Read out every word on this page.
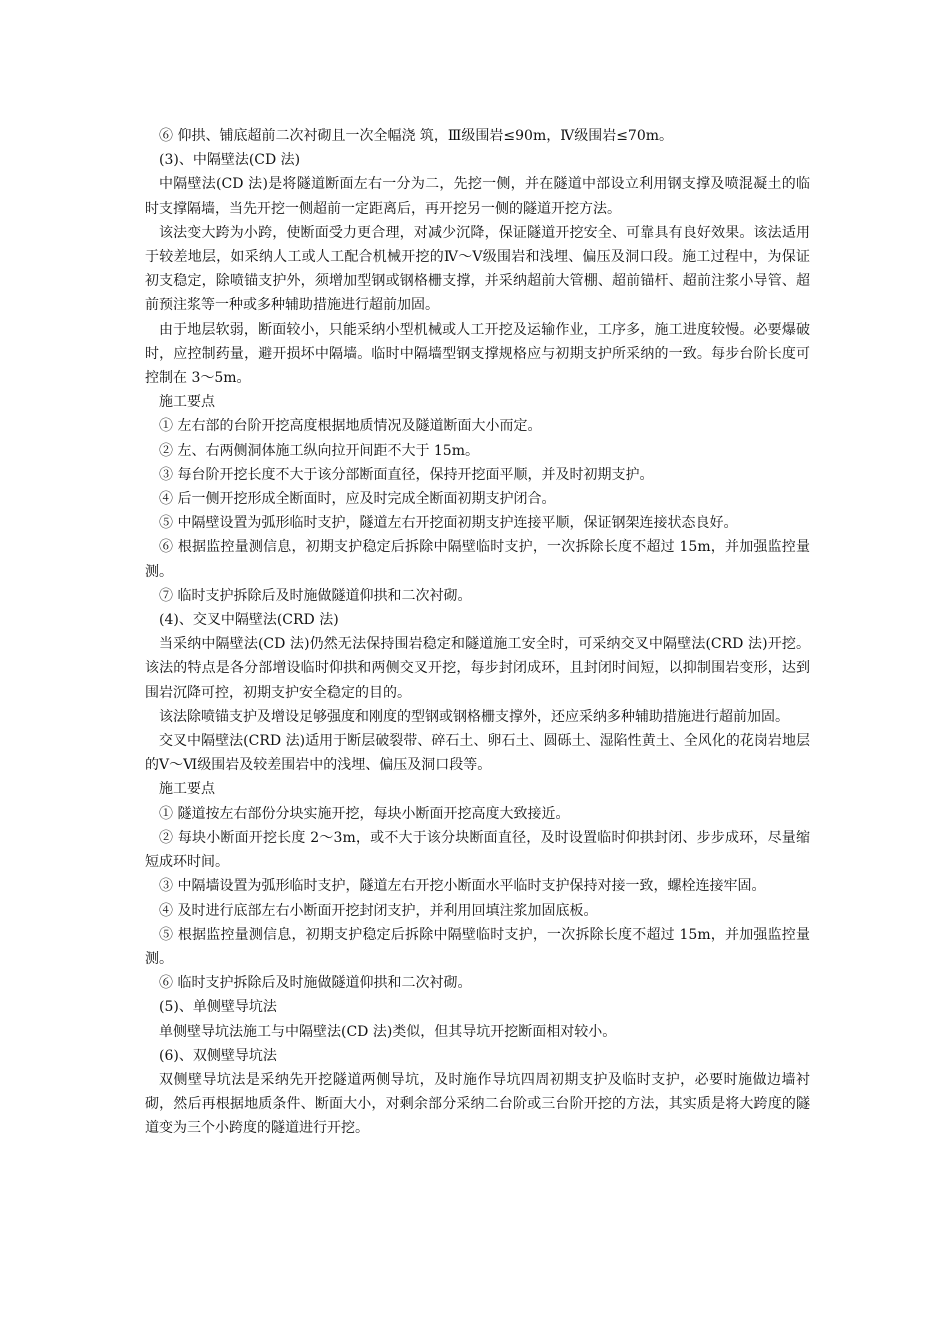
⑥ 仰拱、铺底超前二次衬砌且一次全幅浇 筑，Ⅲ级围岩≤90m，Ⅳ级围岩≤70m。

(3)、中隔壁法(CD 法)

中隔壁法(CD 法)是将隧道断面左右一分为二，先挖一侧，并在隧道中部设立利用钢支撑及喷混凝土的临时支撑隔墙，当先开挖一侧超前一定距离后，再开挖另一侧的隧道开挖方法。

该法变大跨为小跨，使断面受力更合理，对减少沉降，保证隧道开挖安全、可靠具有良好效果。该法适用于较差地层，如采纳人工或人工配合机械开挖的Ⅳ～Ⅴ级围岩和浅埋、偏压及洞口段。施工过程中，为保证初支稳定，除喷锚支护外，须增加型钢或钢格栅支撑，并采纳超前大管棚、超前锚杆、超前注浆小导管、超前预注浆等一种或多种辅助措施进行超前加固。

由于地层软弱，断面较小，只能采纳小型机械或人工开挖及运输作业，工序多，施工进度较慢。必要爆破时，应控制药量，避开损坏中隔墙。临时中隔墙型钢支撑规格应与初期支护所采纳的一致。每步台阶长度可控制在 3～5m。

施工要点

① 左右部的台阶开挖高度根据地质情况及隧道断面大小而定。

② 左、右两侧洞体施工纵向拉开间距不大于 15m。

③ 每台阶开挖长度不大于该分部断面直径，保持开挖面平顺，并及时初期支护。

④ 后一侧开挖形成全断面时，应及时完成全断面初期支护闭合。

⑤ 中隔壁设置为弧形临时支护，隧道左右开挖面初期支护连接平顺，保证钢架连接状态良好。

⑥ 根据监控量测信息，初期支护稳定后拆除中隔壁临时支护，一次拆除长度不超过 15m，并加强监控量测。

⑦ 临时支护拆除后及时施做隧道仰拱和二次衬砌。

(4)、交叉中隔壁法(CRD 法)

当采纳中隔壁法(CD 法)仍然无法保持围岩稳定和隧道施工安全时，可采纳交叉中隔壁法(CRD 法)开挖。该法的特点是各分部增设临时仰拱和两侧交叉开挖，每步封闭成环，且封闭时间短，以抑制围岩变形，达到围岩沉降可控，初期支护安全稳定的目的。

该法除喷锚支护及增设足够强度和刚度的型钢或钢格栅支撑外，还应采纳多种辅助措施进行超前加固。

交叉中隔壁法(CRD 法)适用于断层破裂带、碎石土、卵石土、圆砾土、湿陷性黄土、全风化的花岗岩地层的Ⅴ～Ⅵ级围岩及较差围岩中的浅埋、偏压及洞口段等。

施工要点

① 隧道按左右部份分块实施开挖，每块小断面开挖高度大致接近。

② 每块小断面开挖长度 2～3m，或不大于该分块断面直径，及时设置临时仰拱封闭、步步成环，尽量缩短成环时间。

③ 中隔墙设置为弧形临时支护，隧道左右开挖小断面水平临时支护保持对接一致，螺栓连接牢固。

④ 及时进行底部左右小断面开挖封闭支护，并利用回填注浆加固底板。

⑤ 根据监控量测信息，初期支护稳定后拆除中隔壁临时支护，一次拆除长度不超过 15m，并加强监控量测。

⑥ 临时支护拆除后及时施做隧道仰拱和二次衬砌。

(5)、单侧壁导坑法

单侧壁导坑法施工与中隔壁法(CD 法)类似，但其导坑开挖断面相对较小。

(6)、双侧壁导坑法

双侧壁导坑法是采纳先开挖隧道两侧导坑，及时施作导坑四周初期支护及临时支护，必要时施做边墙衬砌，然后再根据地质条件、断面大小，对剩余部分采纳二台阶或三台阶开挖的方法，其实质是将大跨度的隧道变为三个小跨度的隧道进行开挖。
